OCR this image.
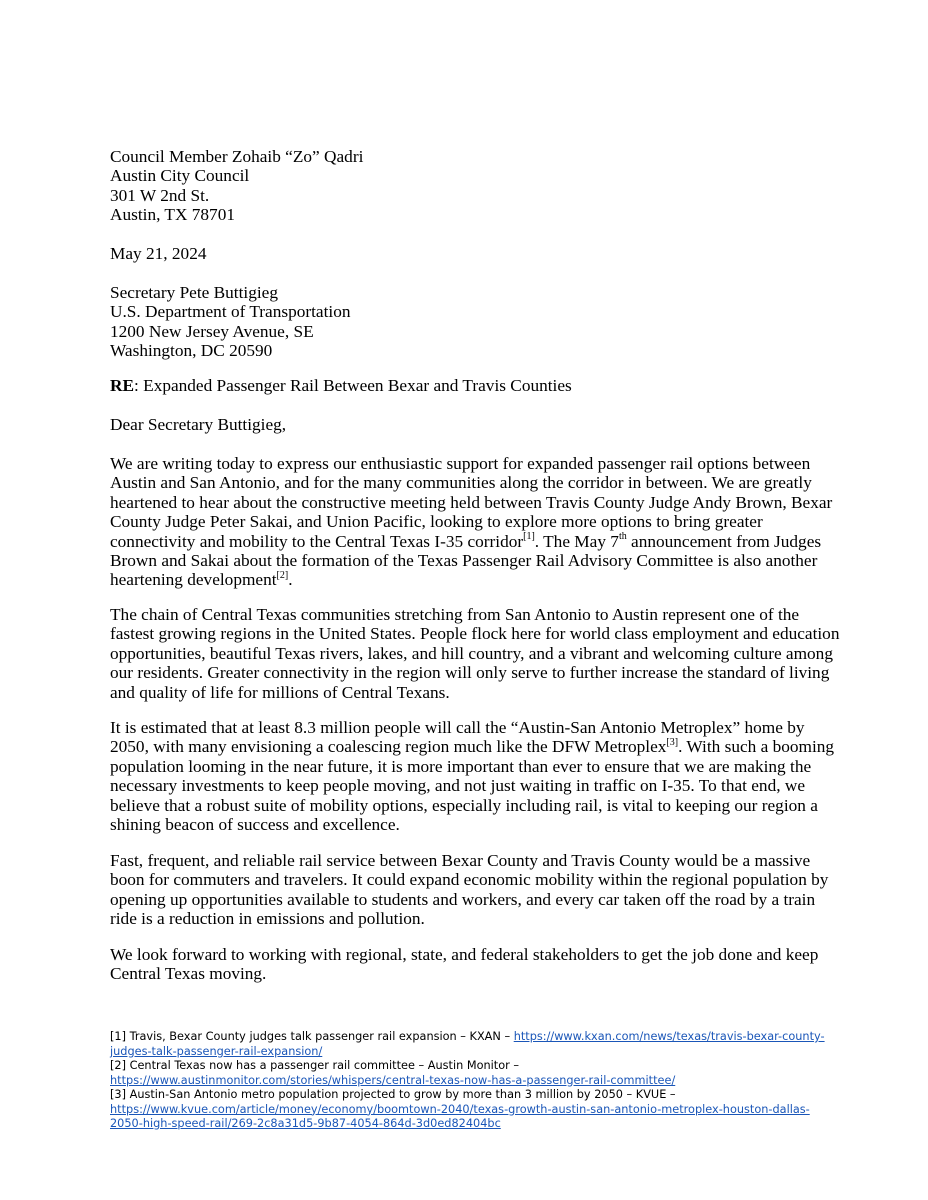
Council Member Zohaib “Zo” Qadri
Austin City Council
301 W 2nd St.
Austin, TX 78701
May 21, 2024
Secretary Pete Buttigieg
U.S. Department of Transportation
1200 New Jersey Avenue, SE
Washington, DC 20590
RE: Expanded Passenger Rail Between Bexar and Travis Counties
Dear Secretary Buttigieg,
We are writing today to express our enthusiastic support for expanded passenger rail options between
Austin and San Antonio, and for the many communities along the corridor in between. We are greatly
heartened to hear about the constructive meeting held between Travis County Judge Andy Brown, Bexar
County Judge Peter Sakai, and Union Pacific, looking to explore more options to bring greater
connectivity and mobility to the Central Texas I-35 corridor[1]. The May 7th announcement from Judges
Brown and Sakai about the formation of the Texas Passenger Rail Advisory Committee is also another
heartening development[2].
The chain of Central Texas communities stretching from San Antonio to Austin represent one of the
fastest growing regions in the United States. People flock here for world class employment and education
opportunities, beautiful Texas rivers, lakes, and hill country, and a vibrant and welcoming culture among
our residents. Greater connectivity in the region will only serve to further increase the standard of living
and quality of life for millions of Central Texans.
It is estimated that at least 8.3 million people will call the “Austin-San Antonio Metroplex” home by
2050, with many envisioning a coalescing region much like the DFW Metroplex[3]. With such a booming
population looming in the near future, it is more important than ever to ensure that we are making the
necessary investments to keep people moving, and not just waiting in traffic on I-35. To that end, we
believe that a robust suite of mobility options, especially including rail, is vital to keeping our region a
shining beacon of success and excellence.
Fast, frequent, and reliable rail service between Bexar County and Travis County would be a massive
boon for commuters and travelers. It could expand economic mobility within the regional population by
opening up opportunities available to students and workers, and every car taken off the road by a train
ride is a reduction in emissions and pollution.
We look forward to working with regional, state, and federal stakeholders to get the job done and keep
Central Texas moving.
[1] Travis, Bexar County judges talk passenger rail expansion – KXAN – https://www.kxan.com/news/texas/travis-bexar-county-
judges-talk-passenger-rail-expansion/
[2] Central Texas now has a passenger rail committee – Austin Monitor –
https://www.austinmonitor.com/stories/whispers/central-texas-now-has-a-passenger-rail-committee/
[3] Austin-San Antonio metro population projected to grow by more than 3 million by 2050 – KVUE –
https://www.kvue.com/article/money/economy/boomtown-2040/texas-growth-austin-san-antonio-metroplex-houston-dallas-
2050-high-speed-rail/269-2c8a31d5-9b87-4054-864d-3d0ed82404bc
